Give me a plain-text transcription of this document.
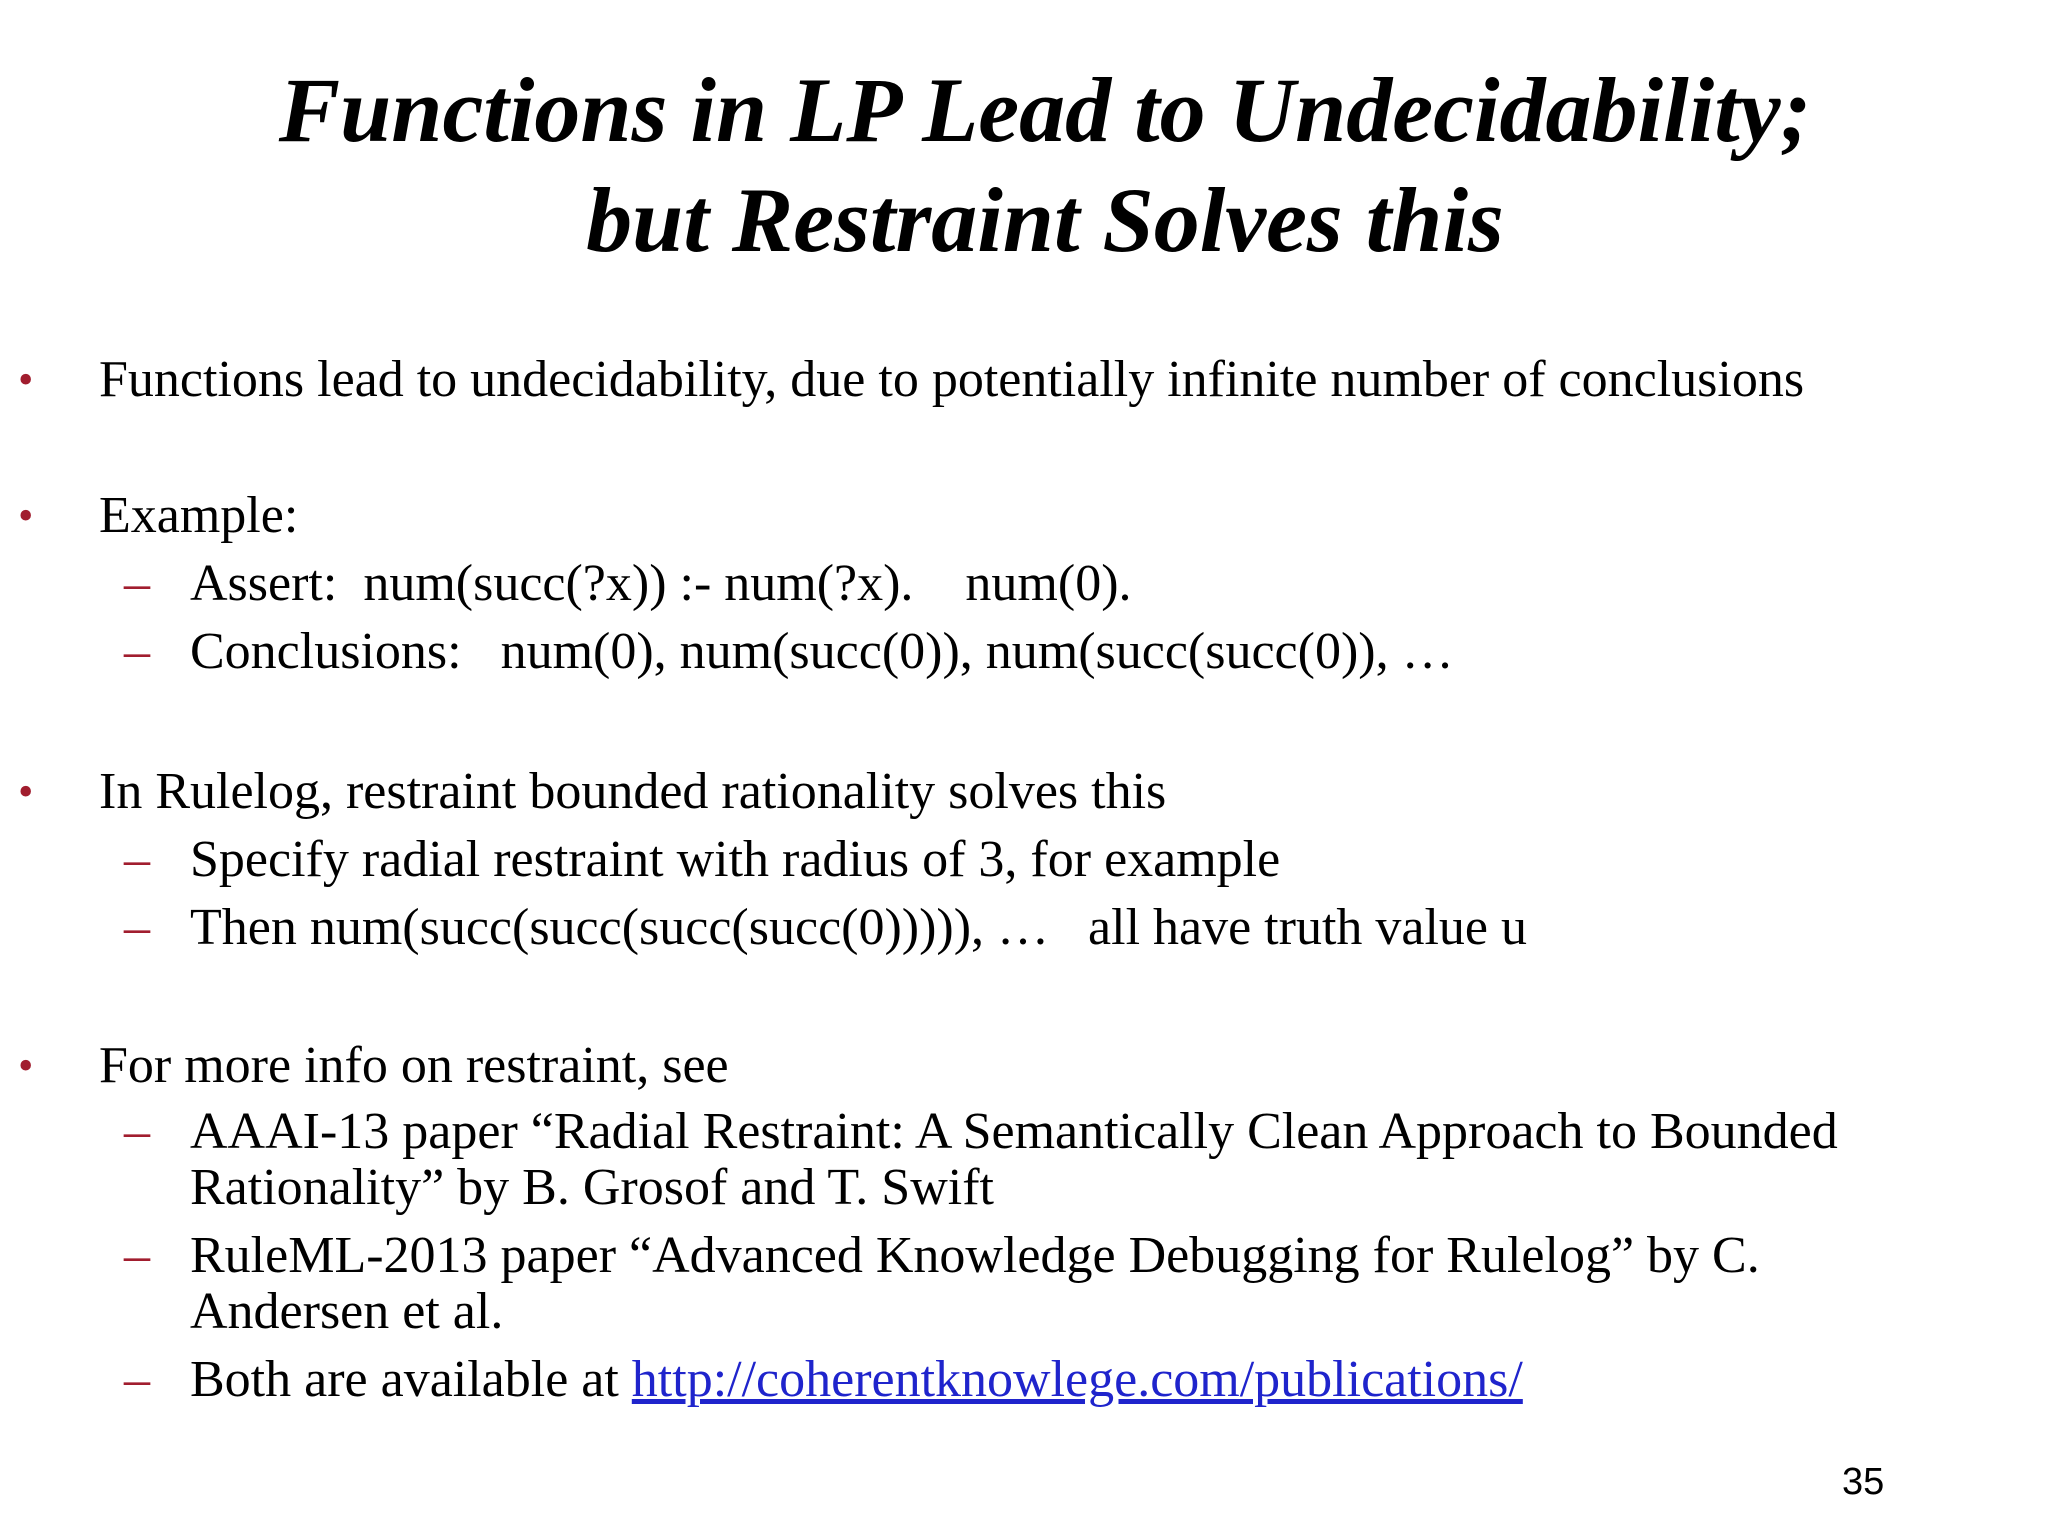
Functions in LP Lead to Undecidability;
but Restraint Solves this
• Functions lead to undecidability, due to potentially infinite number of conclusions
• Example:
– Assert:  num(succ(?x)) :- num(?x).    num(0).
– Conclusions:   num(0), num(succ(0)), num(succ(succ(0)), …
• In Rulelog, restraint bounded rationality solves this
– Specify radial restraint with radius of 3, for example
– Then num(succ(succ(succ(succ(0))))), …   all have truth value u
• For more info on restraint, see
– AAAI-13 paper “Radial Restraint: A Semantically Clean Approach to Bounded
Rationality” by B. Grosof and T. Swift
– RuleML-2013 paper “Advanced Knowledge Debugging for Rulelog” by C.
Andersen et al.
– Both are available at http://coherentknowlege.com/publications/
35
